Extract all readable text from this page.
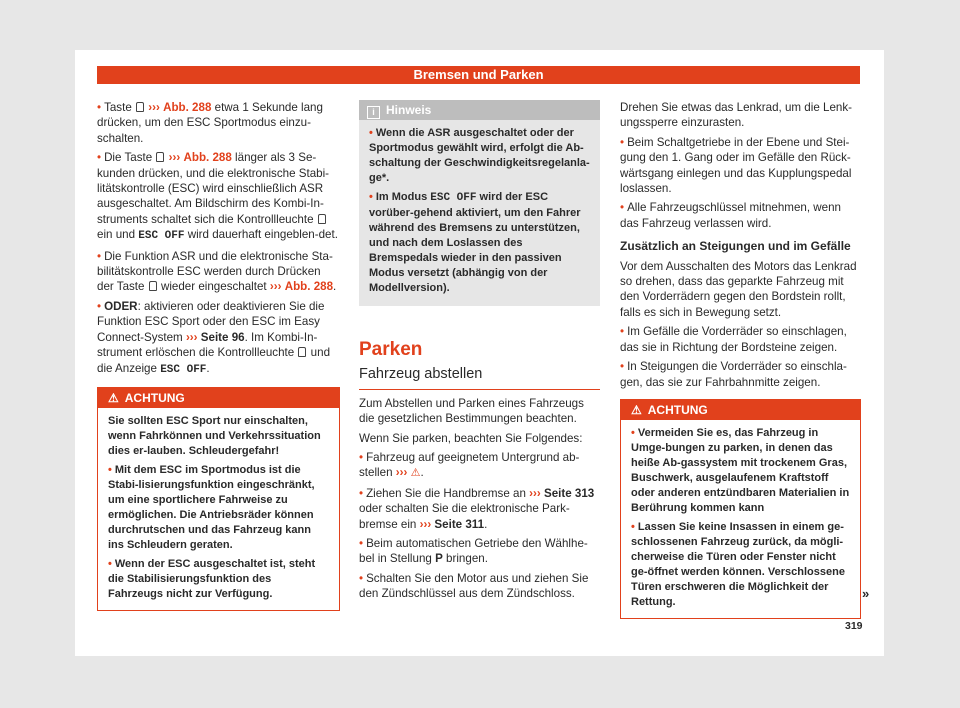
Bremsen und Parken

• Taste ››› Abb. 288 etwa 1 Sekunde lang drücken, um den ESC Sportmodus einzu-schalten.

• Die Taste ››› Abb. 288 länger als 3 Se-kunden drücken, und die elektronische Stabi-litätskontrolle (ESC) wird einschließlich ASR ausgeschaltet. Am Bildschirm des Kombi-In-struments schaltet sich die Kontrollleuchte  ein und ESC OFF wird dauerhaft eingeblen-det.

• Die Funktion ASR und die elektronische Sta-bilitätskontrolle ESC werden durch Drücken der Taste wieder eingeschaltet ››› Abb. 288.

• ODER: aktivieren oder deaktivieren Sie die Funktion ESC Sport oder den ESC im Easy Connect-System ››› Seite 96. Im Kombi-In-strument erlöschen die Kontrollleuchte und die Anzeige ESC OFF.

⚠ ACHTUNG

Sie sollten ESC Sport nur einschalten, wenn Fahrkönnen und Verkehrssituation dies er-lauben. Schleudergefahr!

• Mit dem ESC im Sportmodus ist die Stabi-lisierungsfunktion eingeschränkt, um eine sportlichere Fahrweise zu ermöglichen. Die Antriebsräder können durchrutschen und das Fahrzeug kann ins Schleudern geraten.

• Wenn der ESC ausgeschaltet ist, steht die Stabilisierungsfunktion des Fahrzeugs nicht zur Verfügung.

i Hinweis

• Wenn die ASR ausgeschaltet oder der Sportmodus gewählt wird, erfolgt die Ab-schaltung der Geschwindigkeitsregelanla-ge*.

• Im Modus ESC OFF wird der ESC vorüber-gehend aktiviert, um den Fahrer während des Bremsens zu unterstützen, und nach dem Loslassen des Bremspedals wieder in den passiven Modus versetzt (abhängig von der Modellversion).

Parken
Fahrzeug abstellen

Zum Abstellen und Parken eines Fahrzeugs die gesetzlichen Bestimmungen beachten.

Wenn Sie parken, beachten Sie Folgendes:

• Fahrzeug auf geeignetem Untergrund ab-stellen ››› ⚠.

• Ziehen Sie die Handbremse an ››› Seite 313 oder schalten Sie die elektronische Park-bremse ein ››› Seite 311.

• Beim automatischen Getriebe den Wählhe-bel in Stellung P bringen.

• Schalten Sie den Motor aus und ziehen Sie den Zündschlüssel aus dem Zündschloss.

Drehen Sie etwas das Lenkrad, um die Lenk-ungssperre einzurasten.

• Beim Schaltgetriebe in der Ebene und Stei-gung den 1. Gang oder im Gefälle den Rück-wärtsgang einlegen und das Kupplungspedal loslassen.

• Alle Fahrzeugschlüssel mitnehmen, wenn das Fahrzeug verlassen wird.

Zusätzlich an Steigungen und im Gefälle

Vor dem Ausschalten des Motors das Lenkrad so drehen, dass das geparkte Fahrzeug mit den Vorderrädern gegen den Bordstein rollt, falls es sich in Bewegung setzt.

• Im Gefälle die Vorderräder so einschlagen, das sie in Richtung der Bordsteine zeigen.

• In Steigungen die Vorderräder so einschla-gen, das sie zur Fahrbahnmitte zeigen.

⚠ ACHTUNG

• Vermeiden Sie es, das Fahrzeug in Umge-bungen zu parken, in denen das heiße Ab-gassystem mit trockenem Gras, Buschwerk, ausgelaufenem Kraftstoff oder anderen entzündbaren Materialien in Berührung kommen kann

• Lassen Sie keine Insassen in einem ge-schlossenen Fahrzeug zurück, da mögli-cherweise die Türen oder Fenster nicht ge-öffnet werden können. Verschlossene Türen erschweren die Möglichkeit der Rettung.

»
319
